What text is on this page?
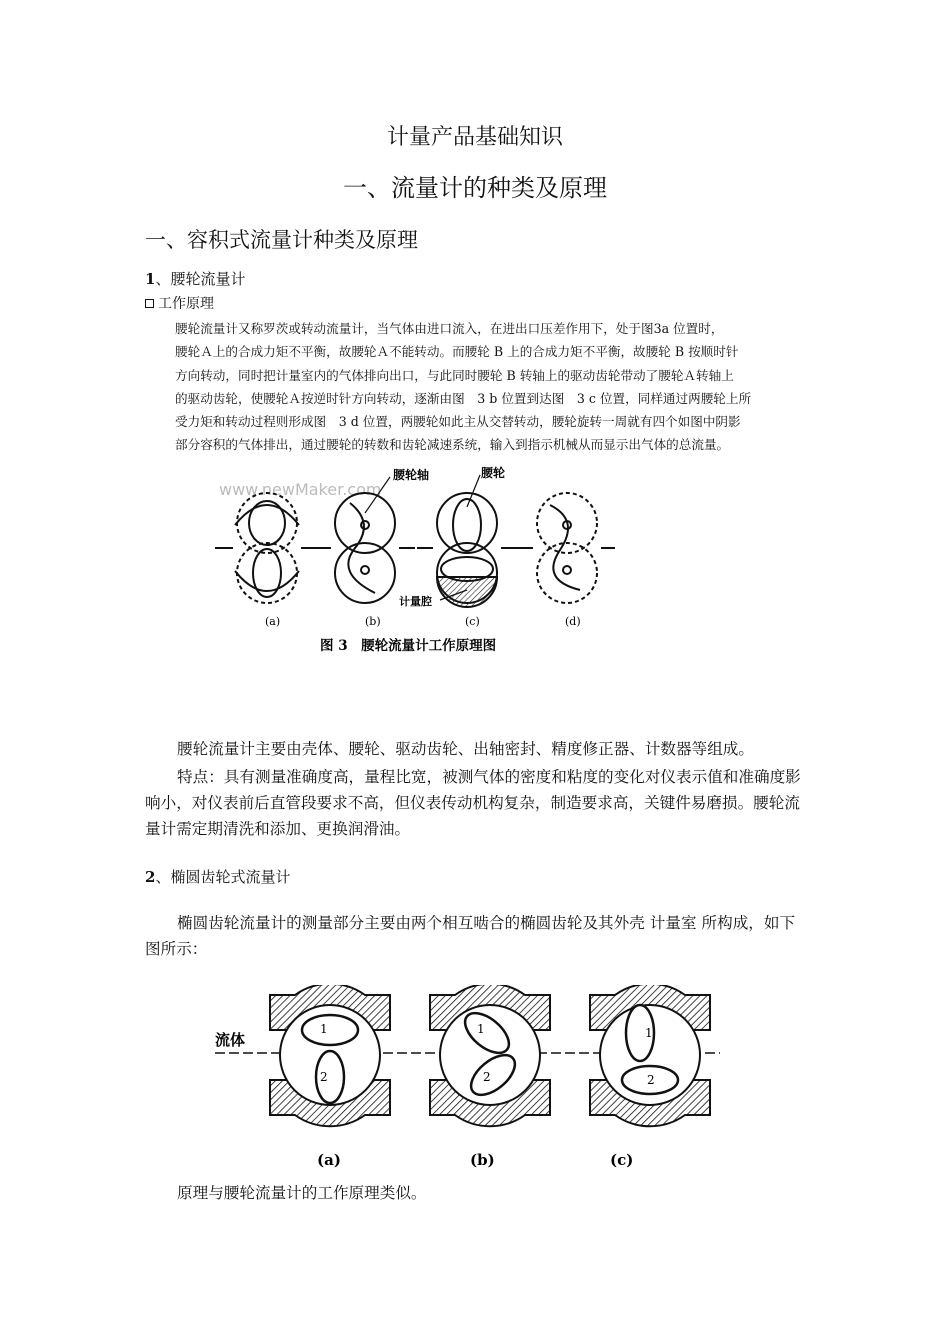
计量产品基础知识
一、流量计的种类及原理
一、容积式流量计种类及原理
1、腰轮流量计
工作原理
腰轮流量计又称罗茨或转动流量计，当气体由进口流入，在进出口压差作用下，处于图3a 位置时，
腰轮Ａ上的合成力矩不平衡，故腰轮Ａ不能转动。而腰轮 B 上的合成力矩不平衡，故腰轮 B 按顺时针
方向转动，同时把计量室内的气体排向出口，与此同时腰轮 B 转轴上的驱动齿轮带动了腰轮Ａ转轴上
的驱动齿轮，使腰轮Ａ按逆时针方向转动，逐渐由图　3 b 位置到达图　3 c 位置，同样通过两腰轮上所
受力矩和转动过程则形成图　3 d 位置，两腰轮如此主从交替转动，腰轮旋转一周就有四个如图中阴影
部分容积的气体排出，通过腰轮的转数和齿轮减速系统，输入到指示机械从而显示出气体的总流量。
www.newMaker.com
腰轮轴	腰轮
计量腔
(a)	(b)	(c)	(d)
图 3　腰轮流量计工作原理图
腰轮流量计主要由壳体、腰轮、驱动齿轮、出轴密封、精度修正器、计数器等组成。
特点：具有测量准确度高，量程比宽，被测气体的密度和粘度的变化对仪表示值和准确度影响小，对仪表前后直管段要求不高，但仪表传动机构复杂，制造要求高，关键件易磨损。腰轮流量计需定期清洗和添加、更换润滑油。
2、椭圆齿轮式流量计
椭圆齿轮流量计的测量部分主要由两个相互啮合的椭圆齿轮及其外壳 计量室 所构成，如下图所示：
流体
1
2
1
2
1
2
(a)	(b)	(c)
原理与腰轮流量计的工作原理类似。
